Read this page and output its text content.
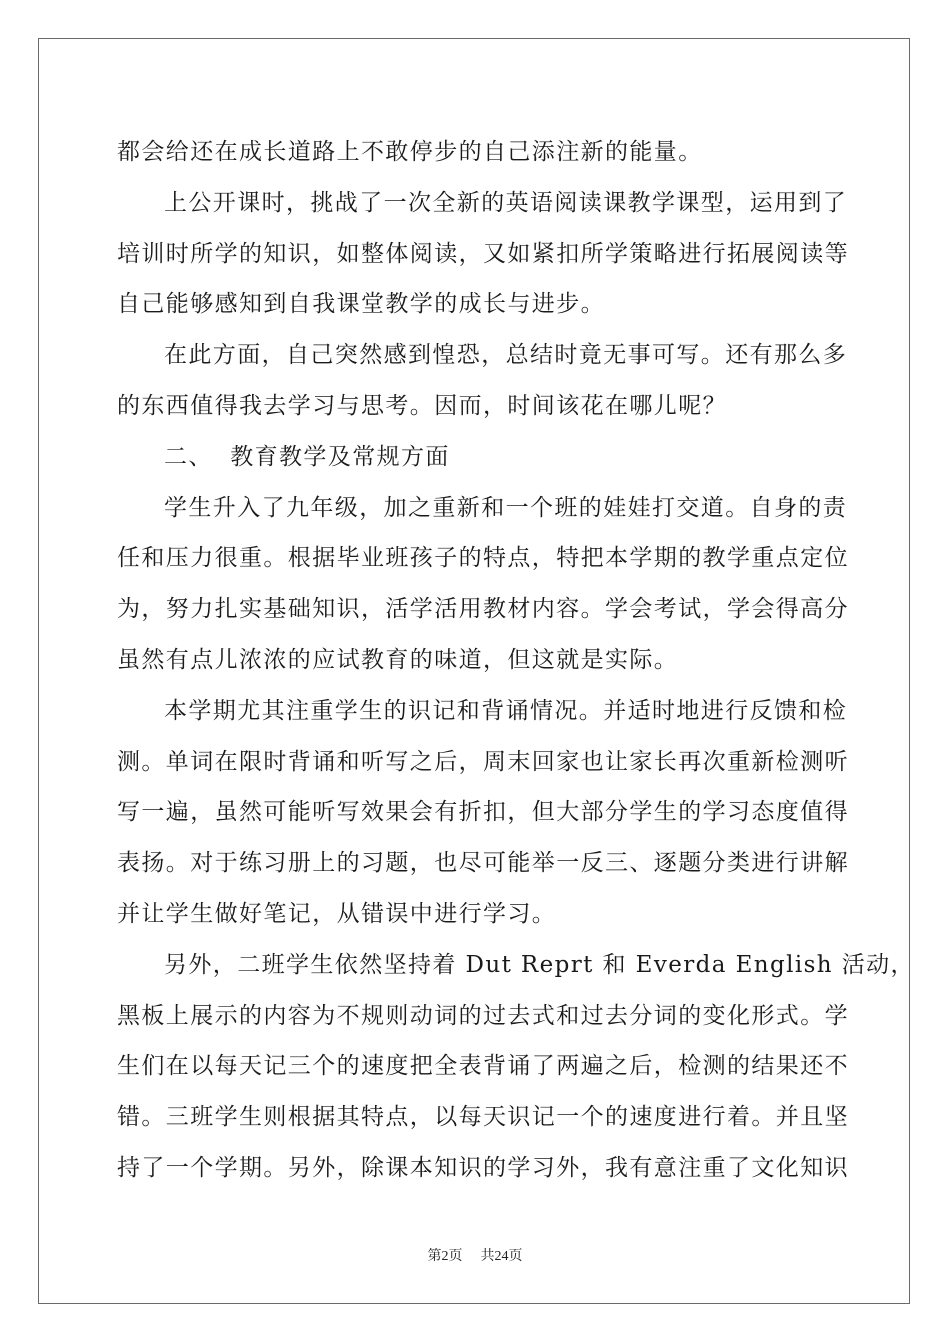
都会给还在成长道路上不敢停步的自己添注新的能量。
上公开课时，挑战了一次全新的英语阅读课教学课型，运用到了
培训时所学的知识，如整体阅读，又如紧扣所学策略进行拓展阅读等
自己能够感知到自我课堂教学的成长与进步。
在此方面，自己突然感到惶恐，总结时竟无事可写。还有那么多
的东西值得我去学习与思考。因而，时间该花在哪儿呢？
二、  教育教学及常规方面
学生升入了九年级，加之重新和一个班的娃娃打交道。自身的责
任和压力很重。根据毕业班孩子的特点，特把本学期的教学重点定位
为，努力扎实基础知识，活学活用教材内容。学会考试，学会得高分
虽然有点儿浓浓的应试教育的味道，但这就是实际。
本学期尤其注重学生的识记和背诵情况。并适时地进行反馈和检
测。单词在限时背诵和听写之后，周末回家也让家长再次重新检测听
写一遍，虽然可能听写效果会有折扣，但大部分学生的学习态度值得
表扬。对于练习册上的习题，也尽可能举一反三、逐题分类进行讲解
并让学生做好笔记，从错误中进行学习。
另外，二班学生依然坚持着 Dut Reprt 和 Everda English 活动，
黑板上展示的内容为不规则动词的过去式和过去分词的变化形式。学
生们在以每天记三个的速度把全表背诵了两遍之后，检测的结果还不
错。三班学生则根据其特点，以每天识记一个的速度进行着。并且坚
持了一个学期。另外，除课本知识的学习外，我有意注重了文化知识
第2页 共24页
